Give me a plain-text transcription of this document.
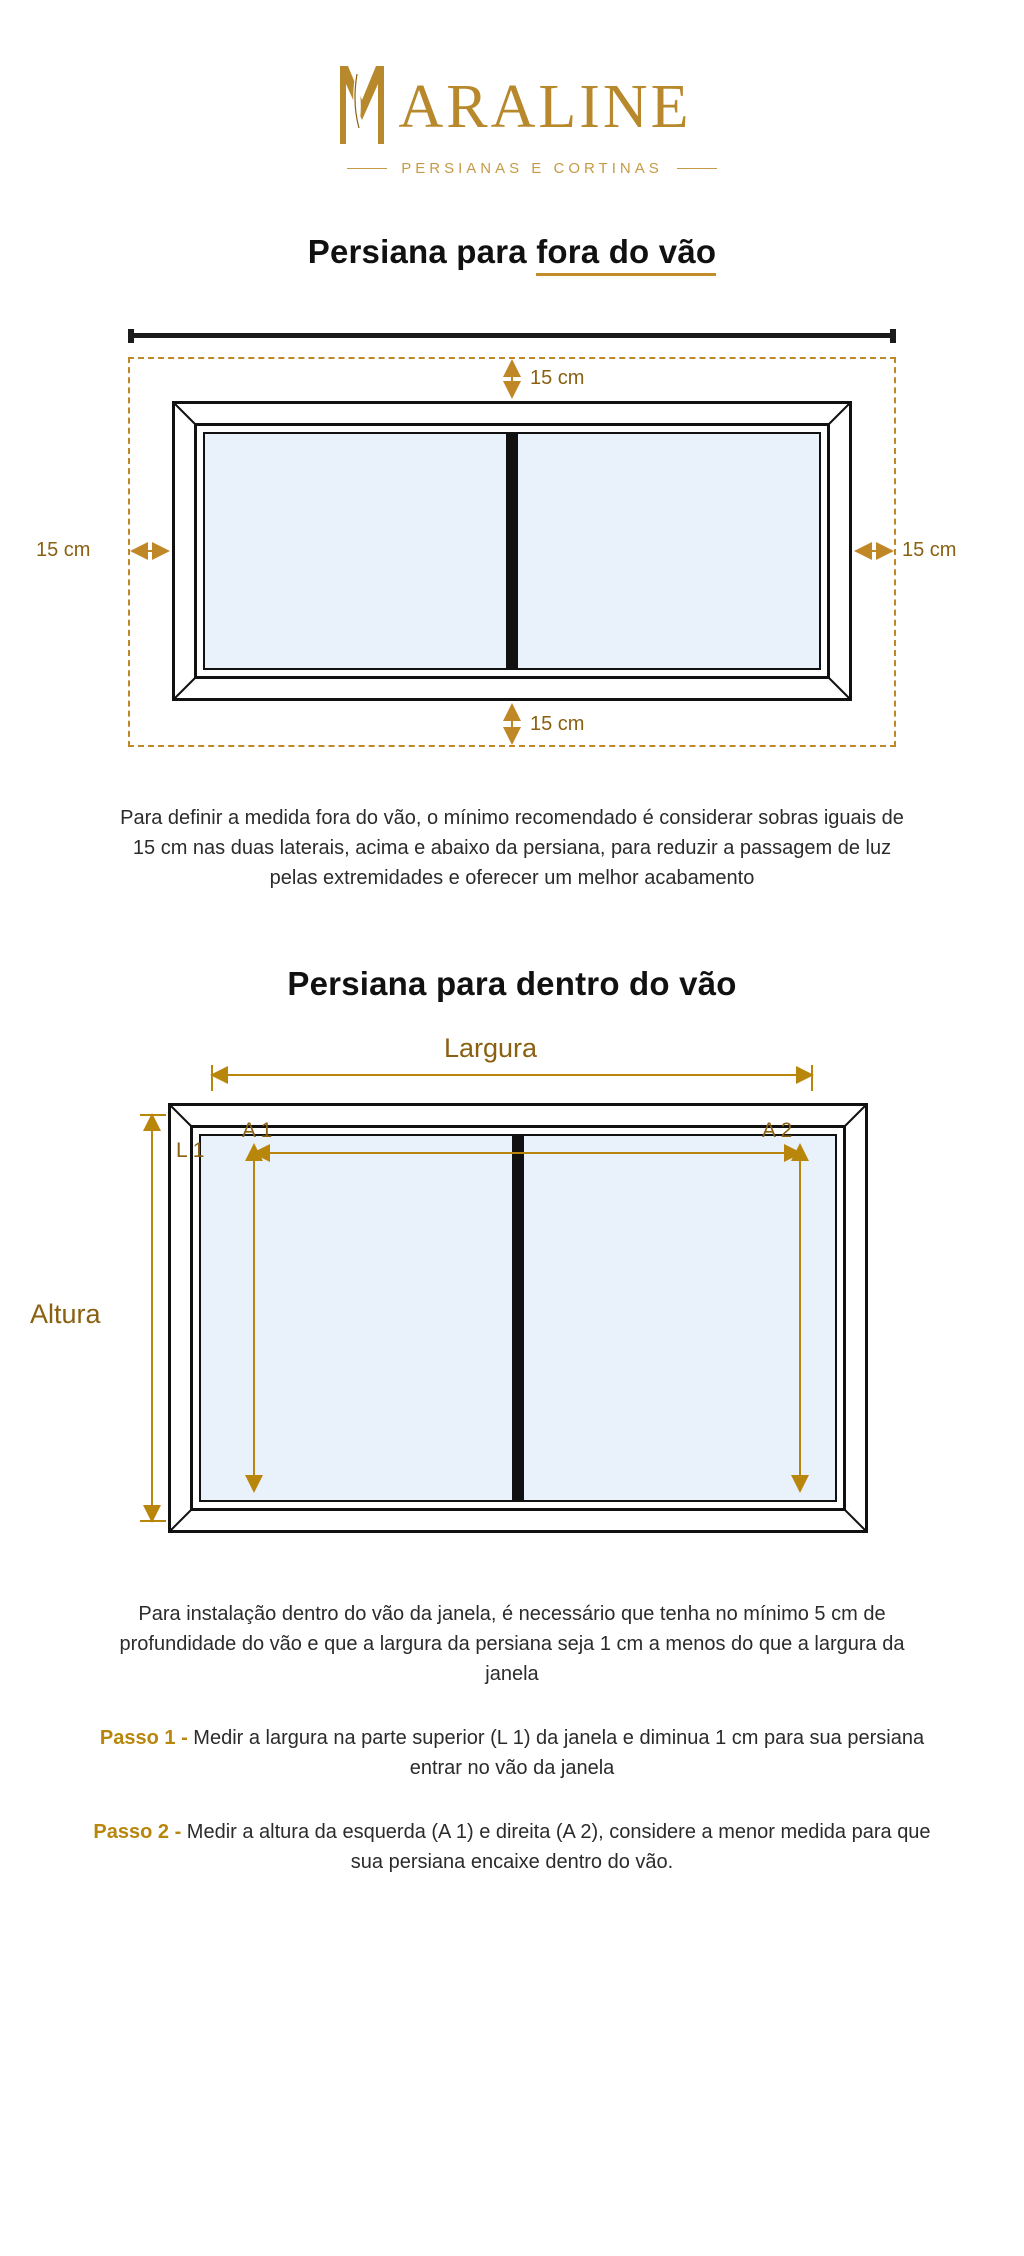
ARALINE
PERSIANAS E CORTINAS
Persiana para fora do vão
15 cm
15 cm
15 cm	15 cm
Para definir a medida fora do vão, o mínimo recomendado é considerar sobras iguais de 15 cm nas duas laterais, acima e abaixo da persiana, para reduzir a passagem de luz pelas extremidades e oferecer um melhor acabamento
Persiana para dentro do vão
Largura
Altura
A 1	A 2
L 1
Para instalação dentro do vão da janela, é necessário que tenha no mínimo 5 cm de profundidade do vão e que a largura da persiana seja 1 cm a menos do que a largura da janela
Passo 1 - Medir a largura na parte superior (L 1) da janela e diminua 1 cm para sua persiana entrar no vão da janela
Passo 2 - Medir a altura da esquerda (A 1) e direita (A 2), considere a menor medida para que sua persiana encaixe dentro do vão.
